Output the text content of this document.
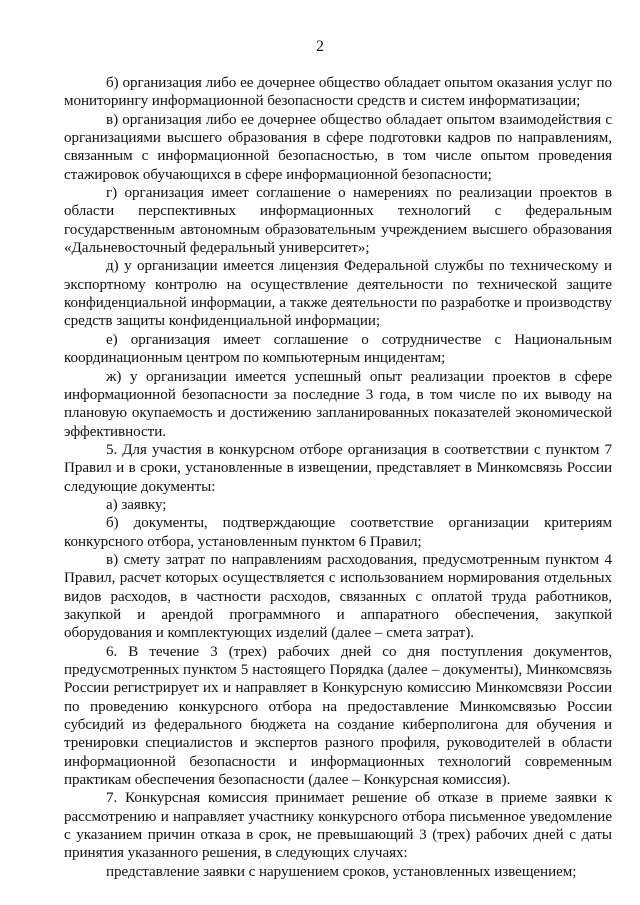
2

б) организация либо ее дочернее общество обладает опытом оказания услуг по мониторингу информационной безопасности средств и систем информатизации;

в) организация либо ее дочернее общество обладает опытом взаимодействия с организациями высшего образования в сфере подготовки кадров по направлениям, связанным с информационной безопасностью, в том числе опытом проведения стажировок обучающихся в сфере информационной безопасности;

г) организация имеет соглашение о намерениях по реализации проектов в области перспективных информационных технологий с федеральным государственным автономным образовательным учреждением высшего образования «Дальневосточный федеральный университет»;

д) у организации имеется лицензия Федеральной службы по техническому и экспортному контролю на осуществление деятельности по технической защите конфиденциальной информации, а также деятельности по разработке и производству средств защиты конфиденциальной информации;

е) организация имеет соглашение о сотрудничестве с Национальным координационным центром по компьютерным инцидентам;

ж) у организации имеется успешный опыт реализации проектов в сфере информационной безопасности за последние 3 года, в том числе по их выводу на плановую окупаемость и достижению запланированных показателей экономической эффективности.

5. Для участия в конкурсном отборе организация в соответствии с пунктом 7 Правил и в сроки, установленные в извещении, представляет в Минкомсвязь России следующие документы:

а) заявку;

б) документы, подтверждающие соответствие организации критериям конкурсного отбора, установленным пунктом 6 Правил;

в) смету затрат по направлениям расходования, предусмотренным пунктом 4 Правил, расчет которых осуществляется с использованием нормирования отдельных видов расходов, в частности расходов, связанных с оплатой труда работников, закупкой и арендой программного и аппаратного обеспечения, закупкой оборудования и комплектующих изделий (далее – смета затрат).

6. В течение 3 (трех) рабочих дней со дня поступления документов, предусмотренных пунктом 5 настоящего Порядка (далее – документы), Минкомсвязь России регистрирует их и направляет в Конкурсную комиссию Минкомсвязи России по проведению конкурсного отбора на предоставление Минкомсвязью России субсидий из федерального бюджета на создание киберполигона для обучения и тренировки специалистов и экспертов разного профиля, руководителей в области информационной безопасности и информационных технологий современным практикам обеспечения безопасности (далее – Конкурсная комиссия).

7. Конкурсная комиссия принимает решение об отказе в приеме заявки к рассмотрению и направляет участнику конкурсного отбора письменное уведомление с указанием причин отказа в срок, не превышающий 3 (трех) рабочих дней с даты принятия указанного решения, в следующих случаях:

представление заявки с нарушением сроков, установленных извещением;
